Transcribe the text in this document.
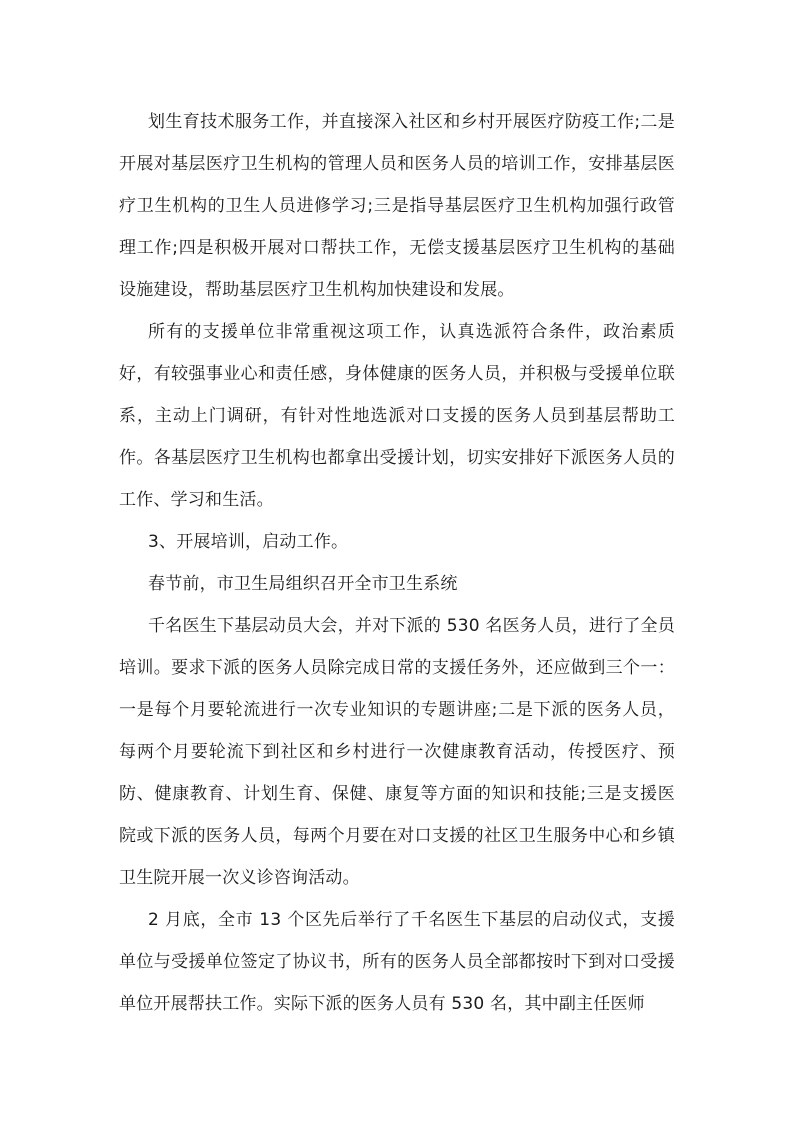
划生育技术服务工作，并直接深入社区和乡村开展医疗防疫工作;二是开展对基层医疗卫生机构的管理人员和医务人员的培训工作，安排基层医疗卫生机构的卫生人员进修学习;三是指导基层医疗卫生机构加强行政管理工作;四是积极开展对口帮扶工作，无偿支援基层医疗卫生机构的基础设施建设，帮助基层医疗卫生机构加快建设和发展。

所有的支援单位非常重视这项工作，认真选派符合条件，政治素质好，有较强事业心和责任感，身体健康的医务人员，并积极与受援单位联系，主动上门调研，有针对性地选派对口支援的医务人员到基层帮助工作。各基层医疗卫生机构也都拿出受援计划，切实安排好下派医务人员的工作、学习和生活。

3、开展培训，启动工作。

春节前，市卫生局组织召开全市卫生系统

千名医生下基层动员大会，并对下派的 530 名医务人员，进行了全员培训。要求下派的医务人员除完成日常的支援任务外，还应做到三个一：一是每个月要轮流进行一次专业知识的专题讲座;二是下派的医务人员，每两个月要轮流下到社区和乡村进行一次健康教育活动，传授医疗、预防、健康教育、计划生育、保健、康复等方面的知识和技能;三是支援医院或下派的医务人员，每两个月要在对口支援的社区卫生服务中心和乡镇卫生院开展一次义诊咨询活动。

2 月底，全市 13 个区先后举行了千名医生下基层的启动仪式，支援单位与受援单位签定了协议书，所有的医务人员全部都按时下到对口受援单位开展帮扶工作。实际下派的医务人员有 530 名，其中副主任医师
